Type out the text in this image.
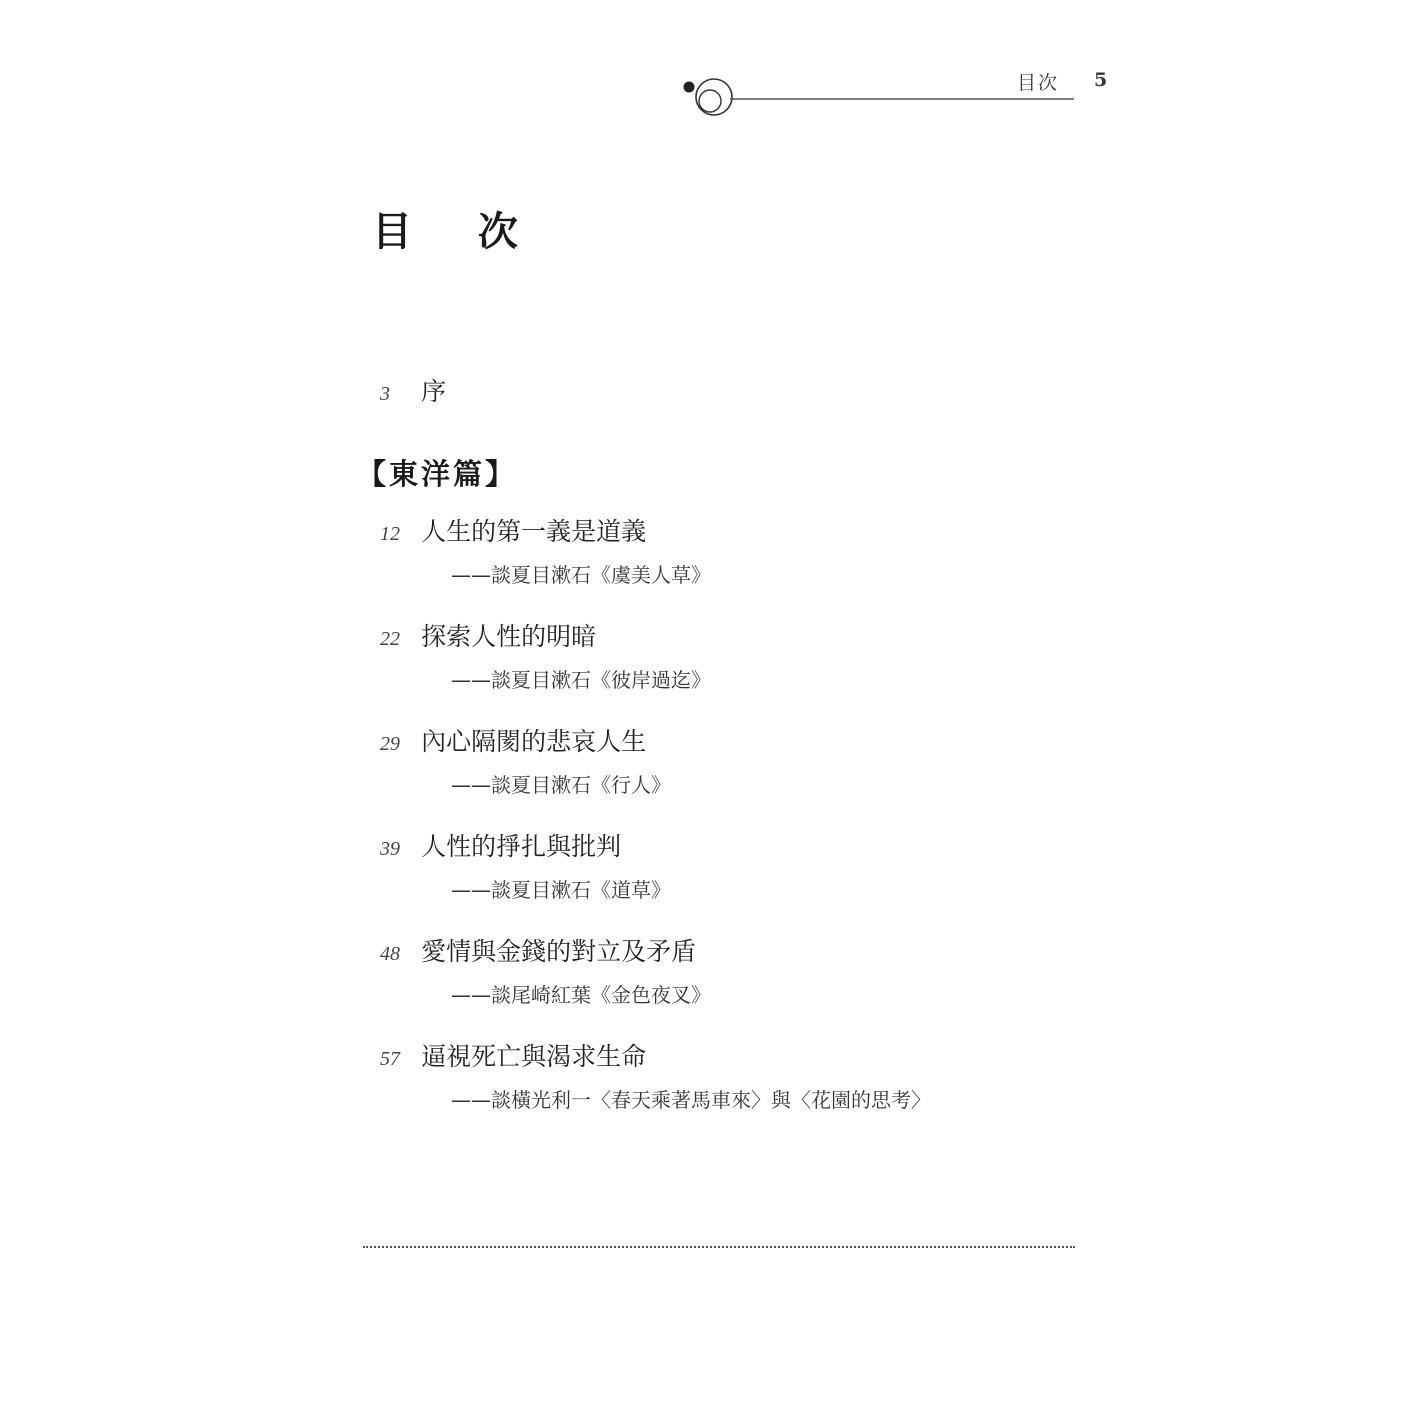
目次 5
目 次
3 序
【東洋篇】
12 人生的第一義是道義
——談夏目漱石《虞美人草》
22 探索人性的明暗
——談夏目漱石《彼岸過迄》
29 內心隔閡的悲哀人生
——談夏目漱石《行人》
39 人性的掙扎與批判
——談夏目漱石《道草》
48 愛情與金錢的對立及矛盾
——談尾崎紅葉《金色夜叉》
57 逼視死亡與渴求生命
——談橫光利一〈春天乘著馬車來〉與〈花園的思考〉
